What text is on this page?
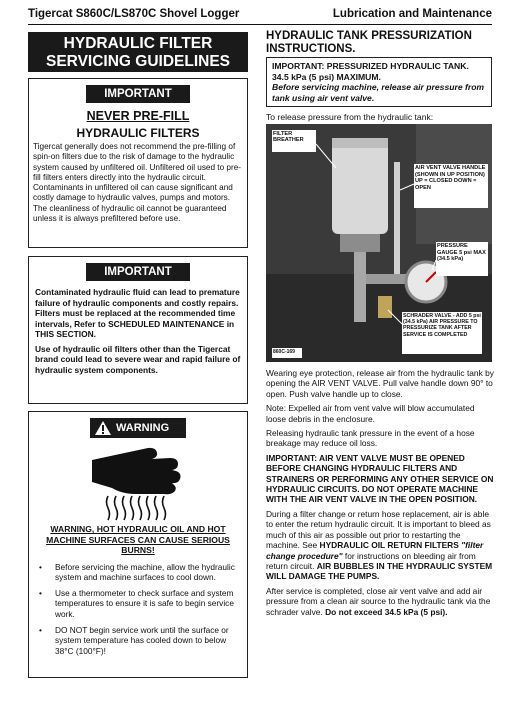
Tigercat S860C/LS870C Shovel Logger	Lubrication and Maintenance
HYDRAULIC FILTER
SERVICING GUIDELINES
IMPORTANT
NEVER PRE-FILL
HYDRAULIC FILTERS
Tigercat generally does not recommend the pre-filling of spin-on filters due to the risk of damage to the hydraulic system caused by unfiltered oil. Unfiltered oil used to pre-fill filters enters directly into the hydraulic circuit. Contaminants in unfiltered oil can cause significant and costly damage to hydraulic valves, pumps and motors. The cleanliness of hydraulic oil cannot be guaranteed unless it is always prefiltered before use.
IMPORTANT
Contaminated hydraulic fluid can lead to premature failure of hydraulic components and costly repairs. Filters must be replaced at the recommended time intervals, Refer to SCHEDULED MAINTENANCE in THIS SECTION.
Use of hydraulic oil filters other than the Tigercat brand could lead to severe wear and rapid failure of hydraulic system components.
WARNING
WARNING, HOT HYDRAULIC OIL AND HOT MACHINE SURFACES CAN CAUSE SERIOUS BURNS!
• Before servicing the machine, allow the hydraulic system and machine surfaces to cool down.
• Use a thermometer to check surface and system temperatures to ensure it is safe to begin service work.
• DO NOT begin service work until the surface or system temperature has cooled down to below 38°C (100°F)!
HYDRAULIC TANK PRESSURIZATION INSTRUCTIONS.
IMPORTANT: PRESSURIZED HYDRAULIC TANK. 34.5 kPa (5 psi) MAXIMUM.
Before servicing machine, release air pressure from tank using air vent valve.
To release pressure from the hydraulic tank:
FILTER BREATHER
AIR VENT VALVE HANDLE (SHOWN IN UP POSITION) UP = CLOSED DOWN = OPEN
PRESSURE GAUGE 5 psi MAX (34.5 kPa)
SCHRADER VALVE - ADD 5 psi (34.5 kPa) AIR PRESSURE TO PRESSURIZE TANK AFTER SERVICE IS COMPLETED
860C-169

Wearing eye protection, release air from the hydraulic tank by opening the AIR VENT VALVE. Pull valve handle down 90° to open. Push valve handle up to close.

Note: Expelled air from vent valve will blow accumulated loose debris in the enclosure.

Releasing hydraulic tank pressure in the event of a hose breakage may reduce oil loss.

IMPORTANT: AIR VENT VALVE MUST BE OPENED BEFORE CHANGING HYDRAULIC FILTERS AND STRAINERS OR PERFORMING ANY OTHER SERVICE ON HYDRAULIC CIRCUITS. DO NOT OPERATE MACHINE WITH THE AIR VENT VALVE IN THE OPEN POSITION.

During a filter change or return hose replacement, air is able to enter the return hydraulic circuit. It is important to bleed as much of this air as possible out prior to restarting the machine. See HYDRAULIC OIL RETURN FILTERS "filter change procedure" for instructions on bleeding air from return circuit. AIR BUBBLES IN THE HYDRAULIC SYSTEM WILL DAMAGE THE PUMPS.

After service is completed, close air vent valve and add air pressure from a clean air source to the hydraulic tank via the schrader valve. Do not exceed 34.5 kPa (5 psi).
